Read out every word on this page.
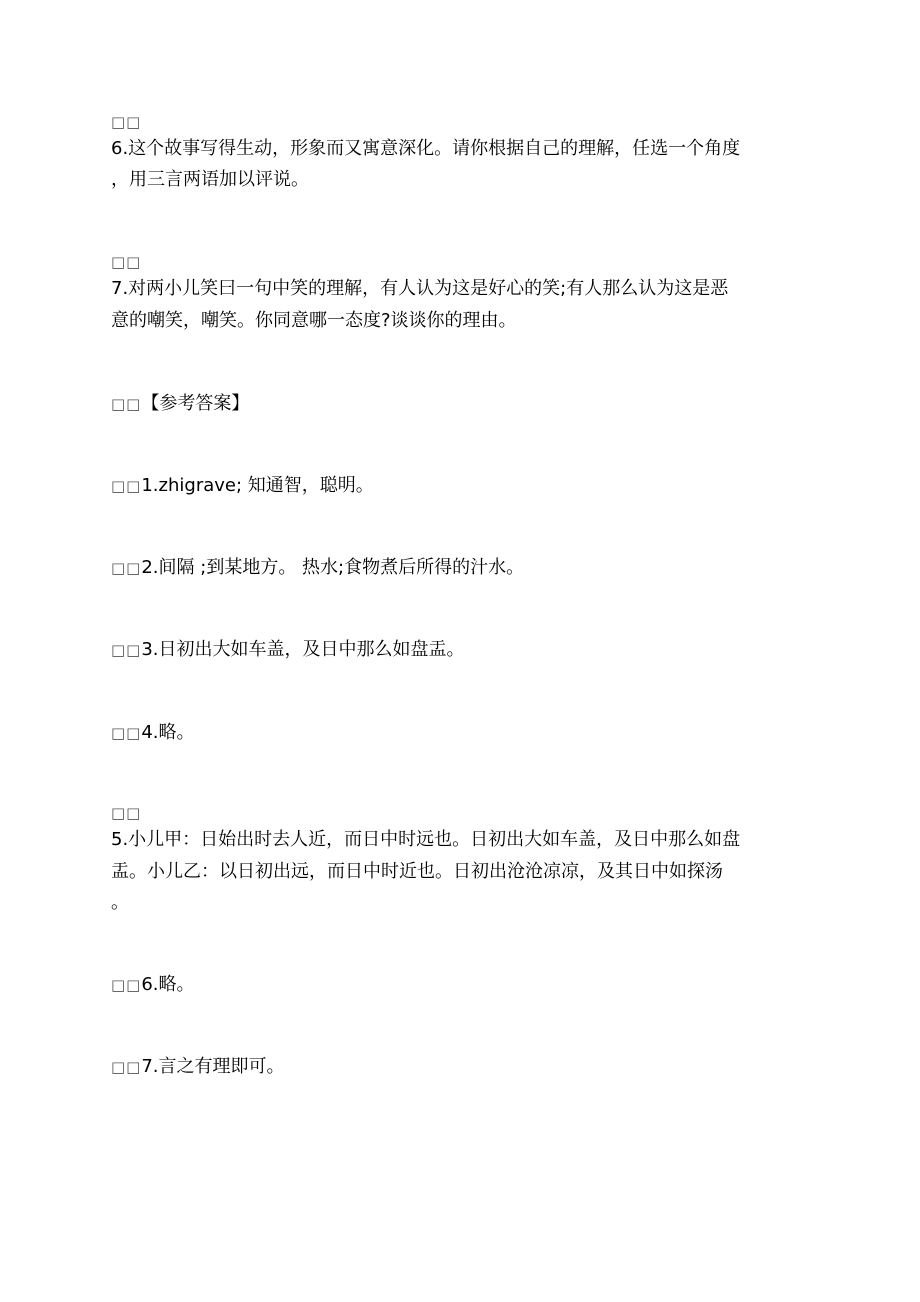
□□
6.这个故事写得生动，形象而又寓意深化。请你根据自己的理解，任选一个角度
，用三言两语加以评说。
□□
7.对两小儿笑曰一句中笑的理解，有人认为这是好心的笑;有人那么认为这是恶
意的嘲笑，嘲笑。你同意哪一态度?谈谈你的理由。
□□【参考答案】
□□1.zhigrave; 知通智，聪明。
□□2.间隔 ;到某地方。 热水;食物煮后所得的汁水。
□□3.日初出大如车盖，及日中那么如盘盂。
□□4.略。
□□
5.小儿甲：日始出时去人近，而日中时远也。日初出大如车盖，及日中那么如盘
盂。小儿乙：以日初出远，而日中时近也。日初出沧沧凉凉，及其日中如探汤
。
□□6.略。
□□7.言之有理即可。
